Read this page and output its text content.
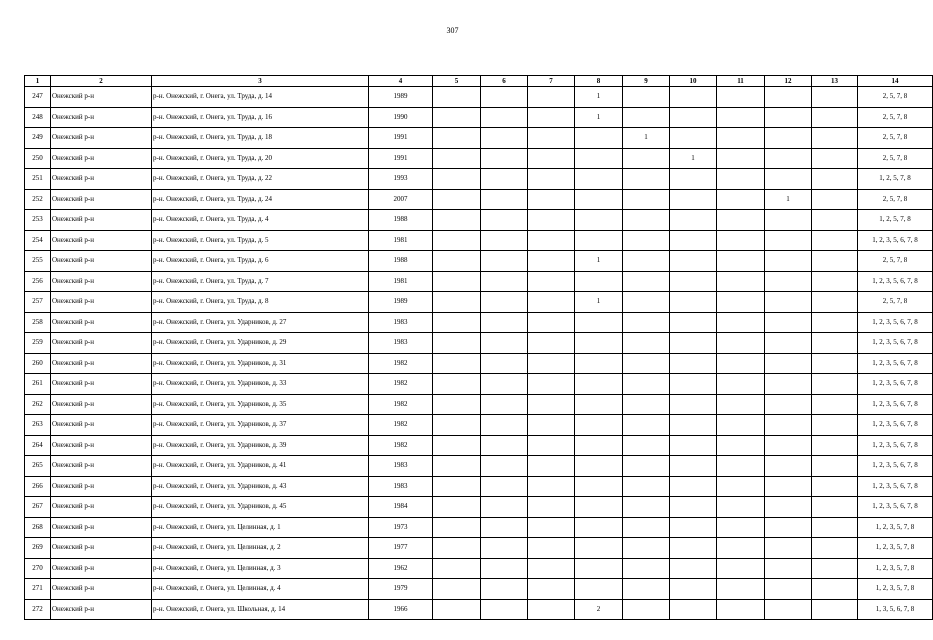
307
1	2	3	4	5	6	7	8	9	10	11	12	13	14
247	Онежский р-н	р-н. Онежский, г. Онега, ул. Труда, д. 14	1989				1						2, 5, 7, 8
248	Онежский р-н	р-н. Онежский, г. Онега, ул. Труда, д. 16	1990				1						2, 5, 7, 8
249	Онежский р-н	р-н. Онежский, г. Онега, ул. Труда, д. 18	1991					1					2, 5, 7, 8
250	Онежский р-н	р-н. Онежский, г. Онега, ул. Труда, д. 20	1991						1				2, 5, 7, 8
251	Онежский р-н	р-н. Онежский, г. Онега, ул. Труда, д. 22	1993										1, 2, 5, 7, 8
252	Онежский р-н	р-н. Онежский, г. Онега, ул. Труда, д. 24	2007								1		2, 5, 7, 8
253	Онежский р-н	р-н. Онежский, г. Онега, ул. Труда, д. 4	1988										1, 2, 5, 7, 8
254	Онежский р-н	р-н. Онежский, г. Онега, ул. Труда, д. 5	1981										1, 2, 3, 5, 6, 7, 8
255	Онежский р-н	р-н. Онежский, г. Онега, ул. Труда, д. 6	1988				1						2, 5, 7, 8
256	Онежский р-н	р-н. Онежский, г. Онега, ул. Труда, д. 7	1981										1, 2, 3, 5, 6, 7, 8
257	Онежский р-н	р-н. Онежский, г. Онега, ул. Труда, д. 8	1989				1						2, 5, 7, 8
258	Онежский р-н	р-н. Онежский, г. Онега, ул. Ударников, д. 27	1983										1, 2, 3, 5, 6, 7, 8
259	Онежский р-н	р-н. Онежский, г. Онега, ул. Ударников, д. 29	1983										1, 2, 3, 5, 6, 7, 8
260	Онежский р-н	р-н. Онежский, г. Онега, ул. Ударников, д. 31	1982										1, 2, 3, 5, 6, 7, 8
261	Онежский р-н	р-н. Онежский, г. Онега, ул. Ударников, д. 33	1982										1, 2, 3, 5, 6, 7, 8
262	Онежский р-н	р-н. Онежский, г. Онега, ул. Ударников, д. 35	1982										1, 2, 3, 5, 6, 7, 8
263	Онежский р-н	р-н. Онежский, г. Онега, ул. Ударников, д. 37	1982										1, 2, 3, 5, 6, 7, 8
264	Онежский р-н	р-н. Онежский, г. Онега, ул. Ударников, д. 39	1982										1, 2, 3, 5, 6, 7, 8
265	Онежский р-н	р-н. Онежский, г. Онега, ул. Ударников, д. 41	1983										1, 2, 3, 5, 6, 7, 8
266	Онежский р-н	р-н. Онежский, г. Онега, ул. Ударников, д. 43	1983										1, 2, 3, 5, 6, 7, 8
267	Онежский р-н	р-н. Онежский, г. Онега, ул. Ударников, д. 45	1984										1, 2, 3, 5, 6, 7, 8
268	Онежский р-н	р-н. Онежский, г. Онега, ул. Целинная, д. 1	1973										1, 2, 3, 5, 7, 8
269	Онежский р-н	р-н. Онежский, г. Онега, ул. Целинная, д. 2	1977										1, 2, 3, 5, 7, 8
270	Онежский р-н	р-н. Онежский, г. Онега, ул. Целинная, д. 3	1962										1, 2, 3, 5, 7, 8
271	Онежский р-н	р-н. Онежский, г. Онега, ул. Целинная, д. 4	1979										1, 2, 3, 5, 7, 8
272	Онежский р-н	р-н. Онежский, г. Онега, ул. Школьная, д. 14	1966				2						1, 3, 5, 6, 7, 8
